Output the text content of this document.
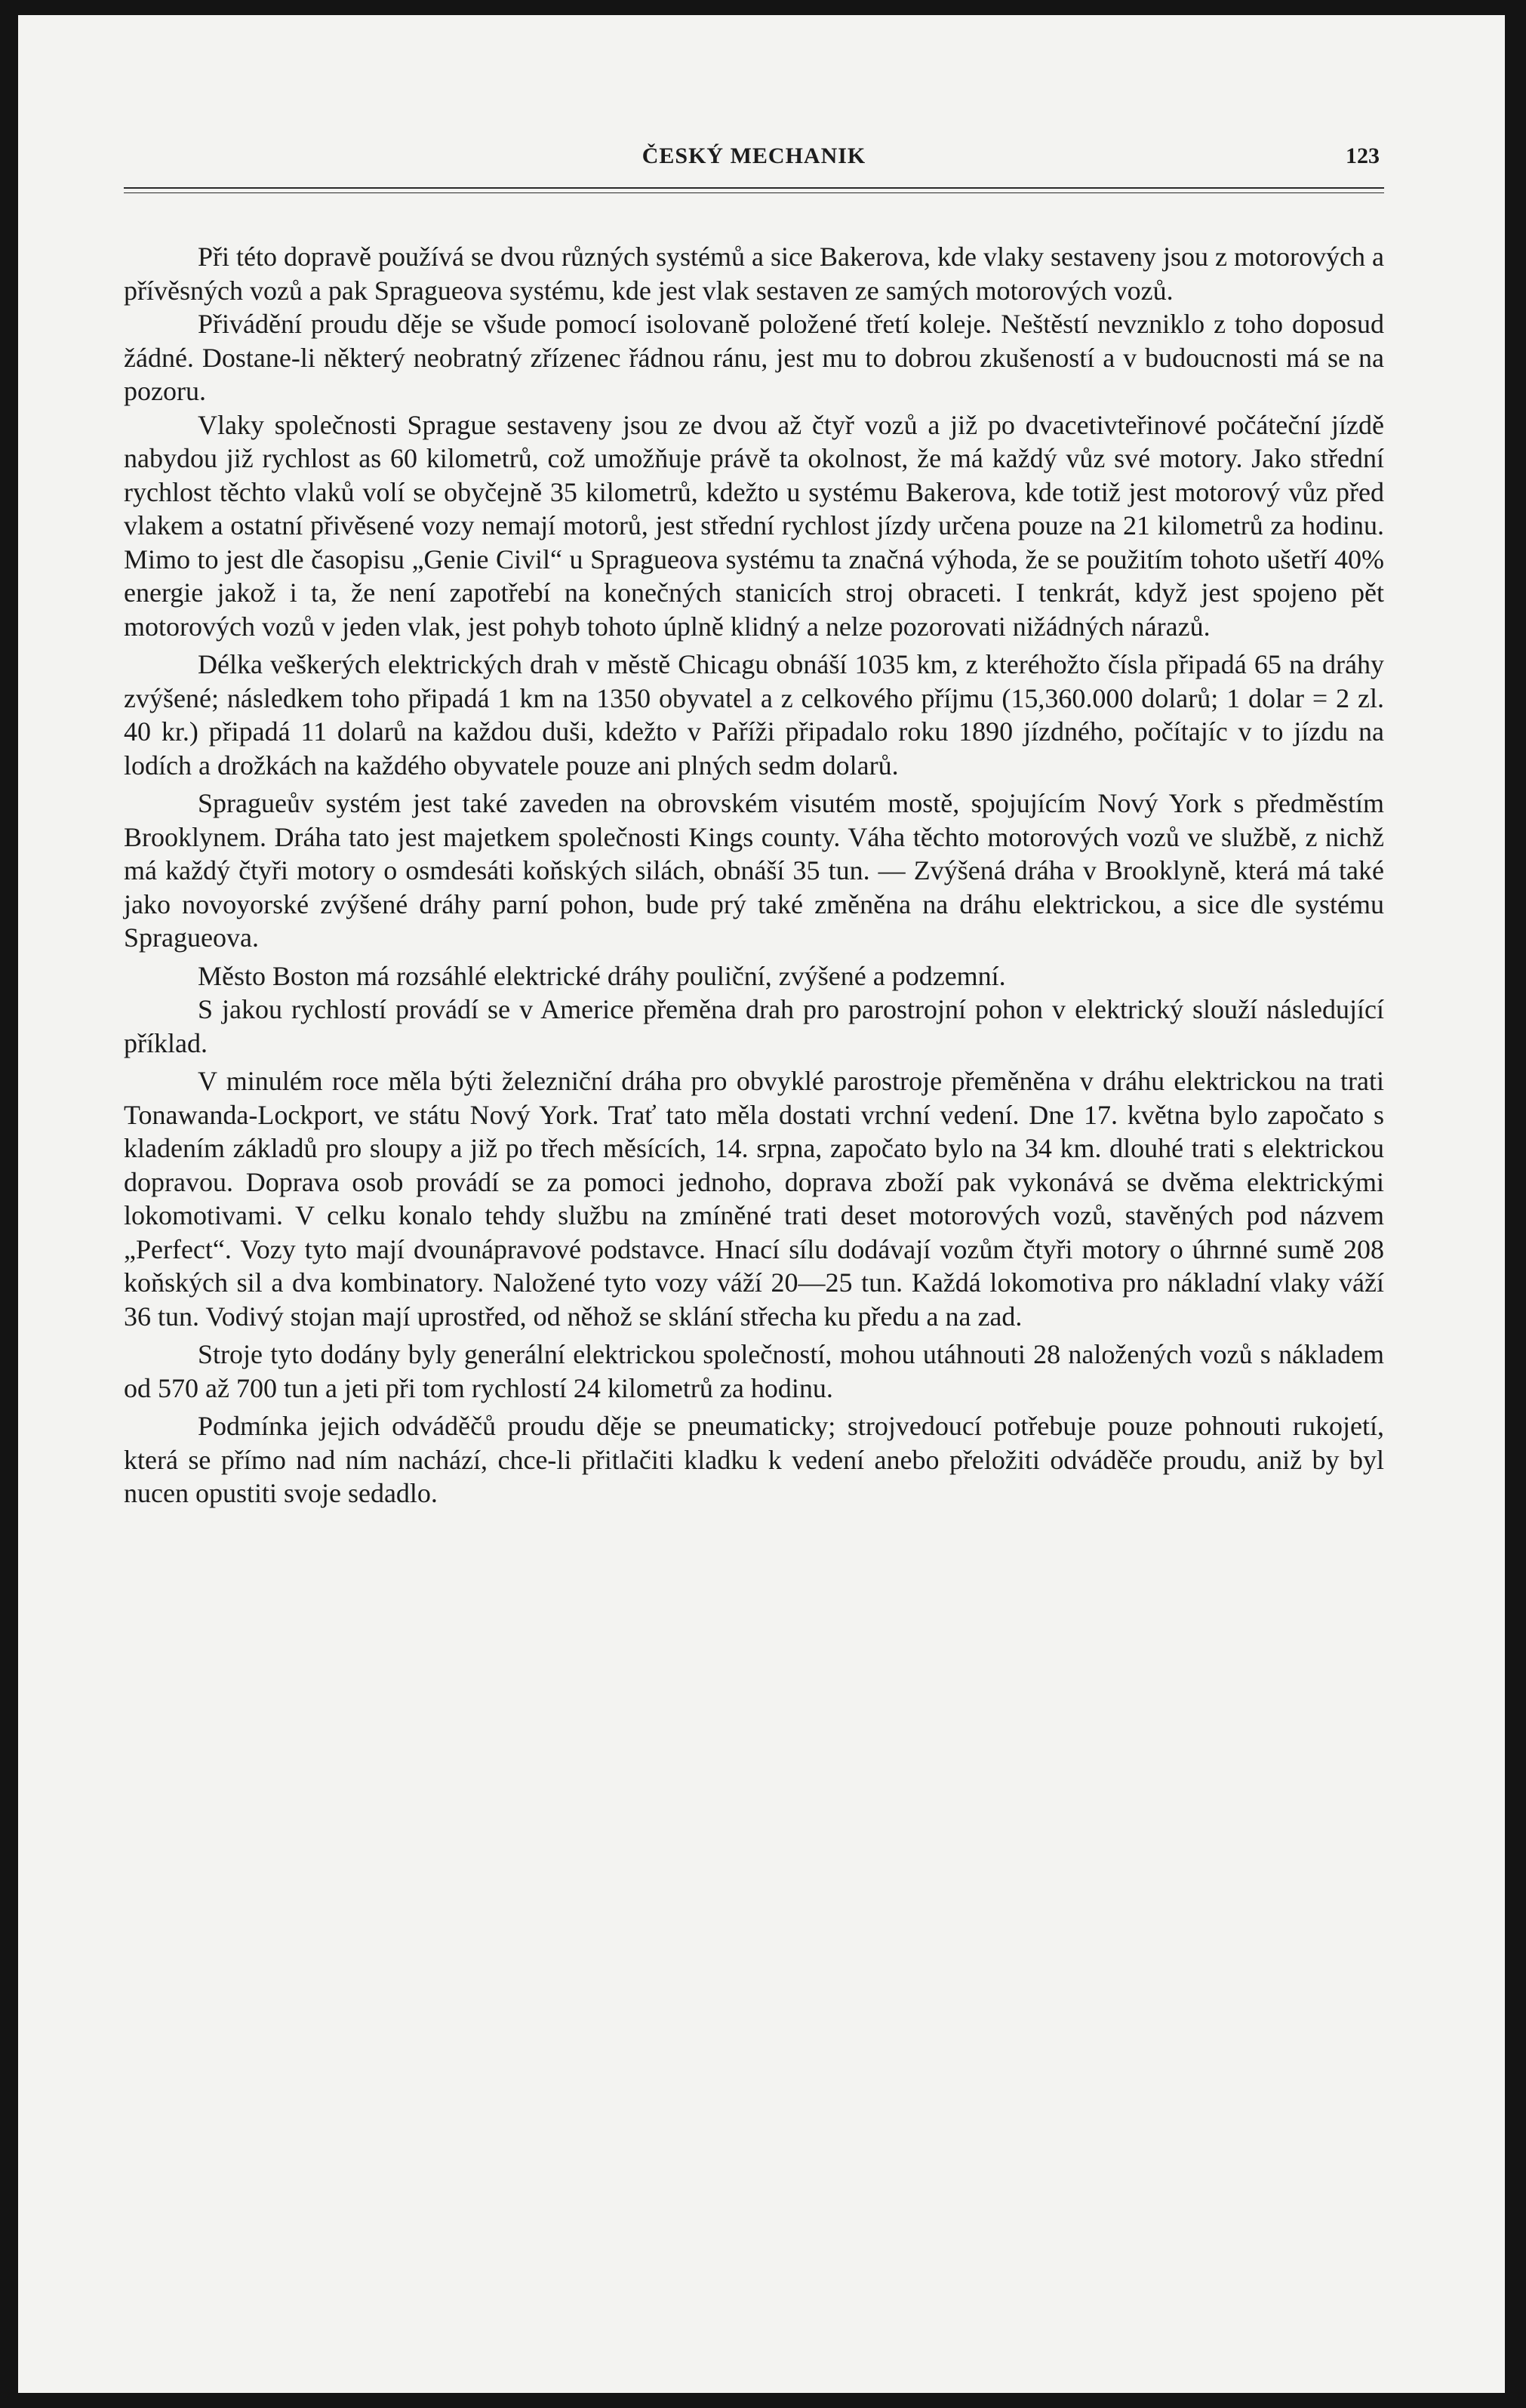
ČESKÝ MECHANIK	123

Při této dopravě používá se dvou různých systémů a sice Bakerova, kde vlaky sestaveny jsou z motorových a přívěsných vozů a pak Spragueova systému, kde jest vlak sestaven ze samých motorových vozů.

Přivádění proudu děje se všude pomocí isolovaně položené třetí koleje. Neštěstí nevzniklo z toho doposud žádné. Dostane-li některý neobratný zřízenec řádnou ránu, jest mu to dobrou zkušeností a v budoucnosti má se na pozoru.

Vlaky společnosti Sprague sestaveny jsou ze dvou až čtyř vozů a již po dvacetivteřinové počáteční jízdě nabydou již rychlost as 60 kilometrů, což umožňuje právě ta okolnost, že má každý vůz své motory. Jako střední rychlost těchto vlaků volí se obyčejně 35 kilometrů, kdežto u systému Bakerova, kde totiž jest motorový vůz před vlakem a ostatní přivěsené vozy nemají motorů, jest střední rychlost jízdy určena pouze na 21 kilometrů za hodinu. Mimo to jest dle časopisu „Genie Civil“ u Spragueova systému ta značná výhoda, že se použitím tohoto ušetří 40% energie jakož i ta, že není zapotřebí na konečných stanicích stroj obraceti. I tenkrát, když jest spojeno pět motorových vozů v jeden vlak, jest pohyb tohoto úplně klidný a nelze pozorovati nižádných nárazů.

Délka veškerých elektrických drah v městě Chicagu obnáší 1035 km, z kteréhožto čísla připadá 65 na dráhy zvýšené; následkem toho připadá 1 km na 1350 obyvatel a z celkového příjmu (15,360.000 dolarů; 1 dolar = 2 zl. 40 kr.) připadá 11 dolarů na každou duši, kdežto v Paříži připadalo roku 1890 jízdného, počítajíc v to jízdu na lodích a drožkách na každého obyvatele pouze ani plných sedm dolarů.

Spragueův systém jest také zaveden na obrovském visutém mostě, spojujícím Nový York s předměstím Brooklynem. Dráha tato jest majetkem společnosti Kings county. Váha těchto motorových vozů ve službě, z nichž má každý čtyři motory o osmdesáti koňských silách, obnáší 35 tun. — Zvýšená dráha v Brooklyně, která má také jako novoyorské zvýšené dráhy parní pohon, bude prý také změněna na dráhu elektrickou, a sice dle systému Spragueova.

Město Boston má rozsáhlé elektrické dráhy pouliční, zvýšené a podzemní.

S jakou rychlostí provádí se v Americe přeměna drah pro parostrojní pohon v elektrický slouží následující příklad.

V minulém roce měla býti železniční dráha pro obvyklé parostroje přeměněna v dráhu elektrickou na trati Tonawanda-Lockport, ve státu Nový York. Trať tato měla dostati vrchní vedení. Dne 17. května bylo započato s kladením základů pro sloupy a již po třech měsících, 14. srpna, započato bylo na 34 km. dlouhé trati s elektrickou dopravou. Doprava osob provádí se za pomoci jednoho, doprava zboží pak vykonává se dvěma elektrickými lokomotivami. V celku konalo tehdy službu na zmíněné trati deset motorových vozů, stavěných pod názvem „Perfect“. Vozy tyto mají dvounápravové podstavce. Hnací sílu dodávají vozům čtyři motory o úhrnné sumě 208 koňských sil a dva kombinatory. Naložené tyto vozy váží 20—25 tun. Každá lokomotiva pro nákladní vlaky váží 36 tun. Vodivý stojan mají uprostřed, od něhož se sklání střecha ku předu a na zad.

Stroje tyto dodány byly generální elektrickou společností, mohou utáhnouti 28 naložených vozů s nákladem od 570 až 700 tun a jeti při tom rychlostí 24 kilometrů za hodinu.

Podmínka jejich odváděčů proudu děje se pneumaticky; strojvedoucí potřebuje pouze pohnouti rukojetí, která se přímo nad ním nachází, chce-li přitlačiti kladku k vedení anebo přeložiti odváděče proudu, aniž by byl nucen opustiti svoje sedadlo.
